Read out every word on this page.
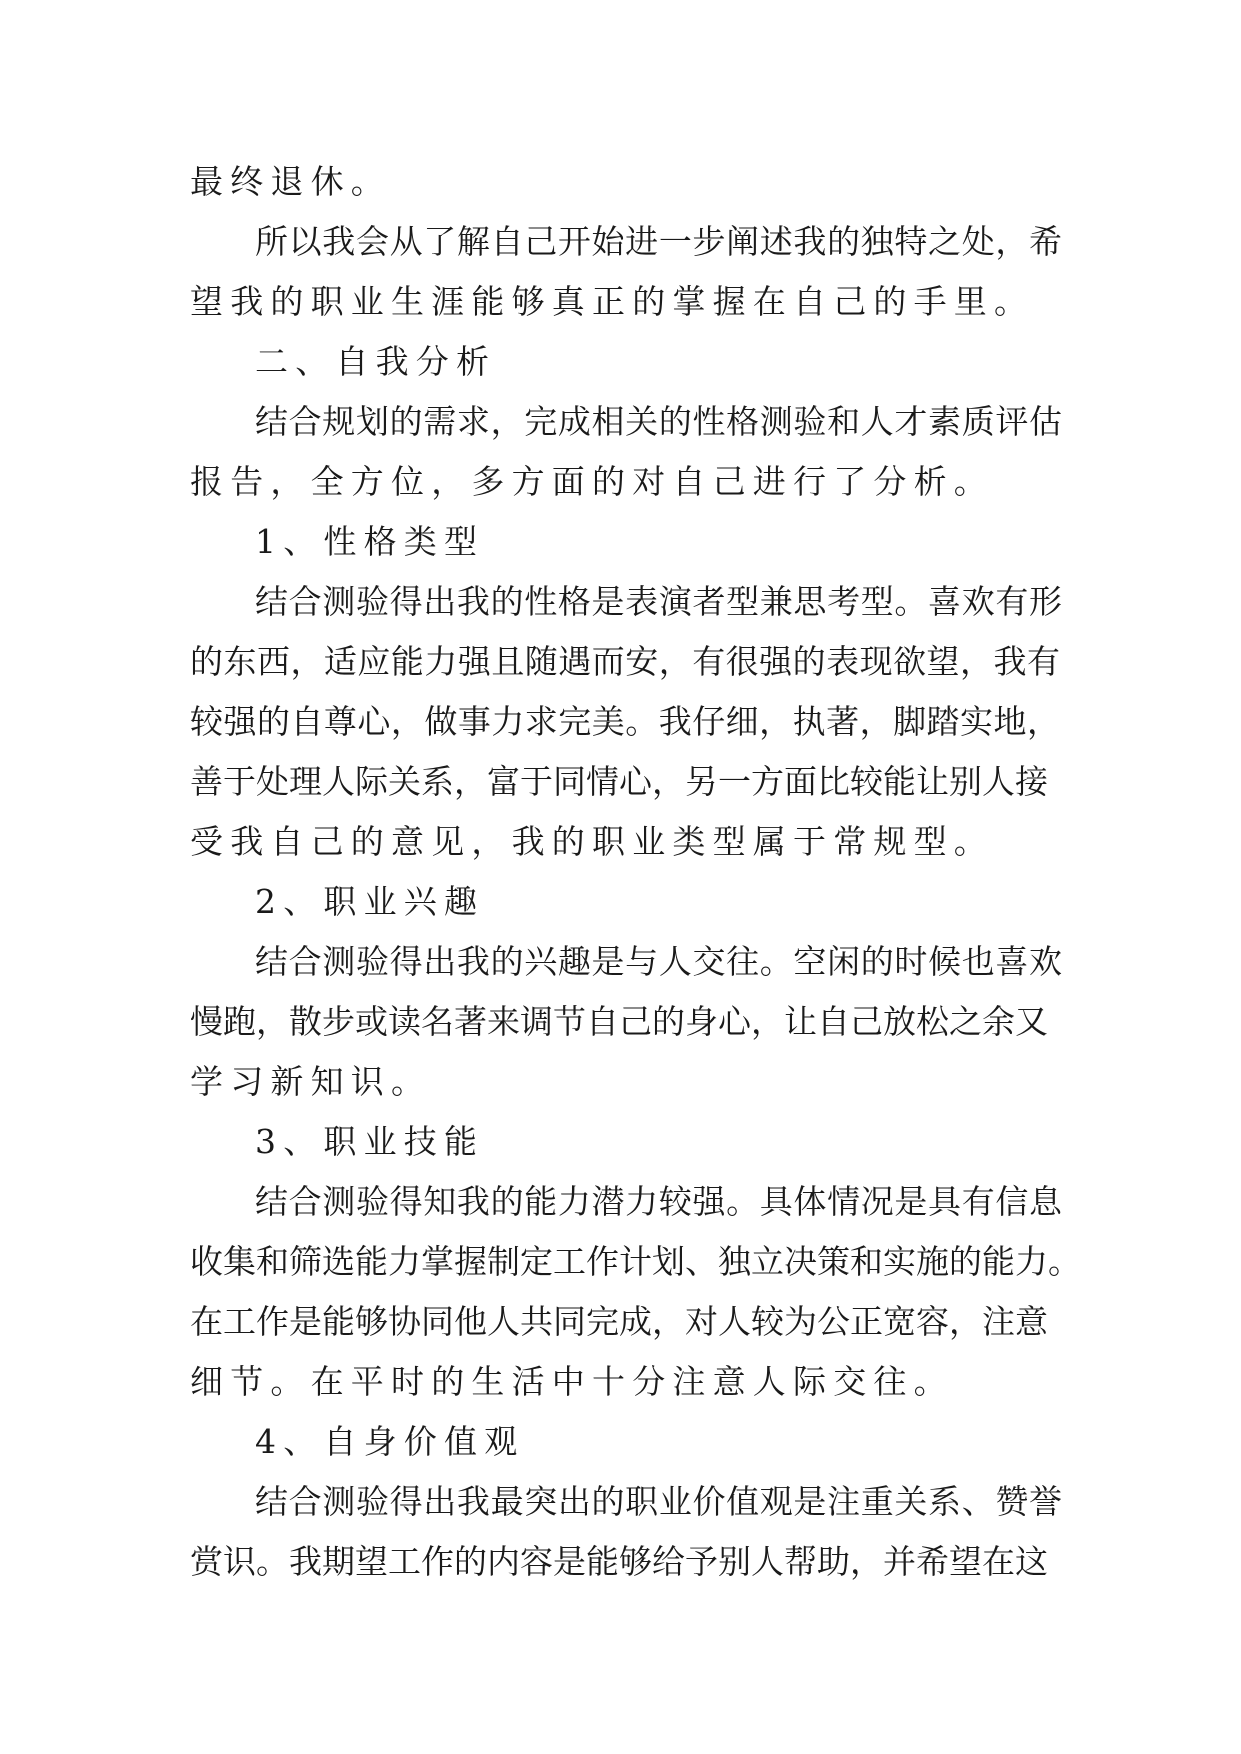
最终退休。
所以我会从了解自己开始进一步阐述我的独特之处，希
望我的职业生涯能够真正的掌握在自己的手里。
二、自我分析
结合规划的需求，完成相关的性格测验和人才素质评估
报告，全方位，多方面的对自己进行了分析。
1、性格类型
结合测验得出我的性格是表演者型兼思考型。喜欢有形
的东西，适应能力强且随遇而安，有很强的表现欲望，我有
较强的自尊心，做事力求完美。我仔细，执著，脚踏实地，
善于处理人际关系，富于同情心，另一方面比较能让别人接
受我自己的意见，我的职业类型属于常规型。
2、职业兴趣
结合测验得出我的兴趣是与人交往。空闲的时候也喜欢
慢跑，散步或读名著来调节自己的身心，让自己放松之余又
学习新知识。
3、职业技能
结合测验得知我的能力潜力较强。具体情况是具有信息
收集和筛选能力掌握制定工作计划、独立决策和实施的能力。
在工作是能够协同他人共同完成，对人较为公正宽容，注意
细节。在平时的生活中十分注意人际交往。
4、自身价值观
结合测验得出我最突出的职业价值观是注重关系、赞誉
赏识。我期望工作的内容是能够给予别人帮助，并希望在这
